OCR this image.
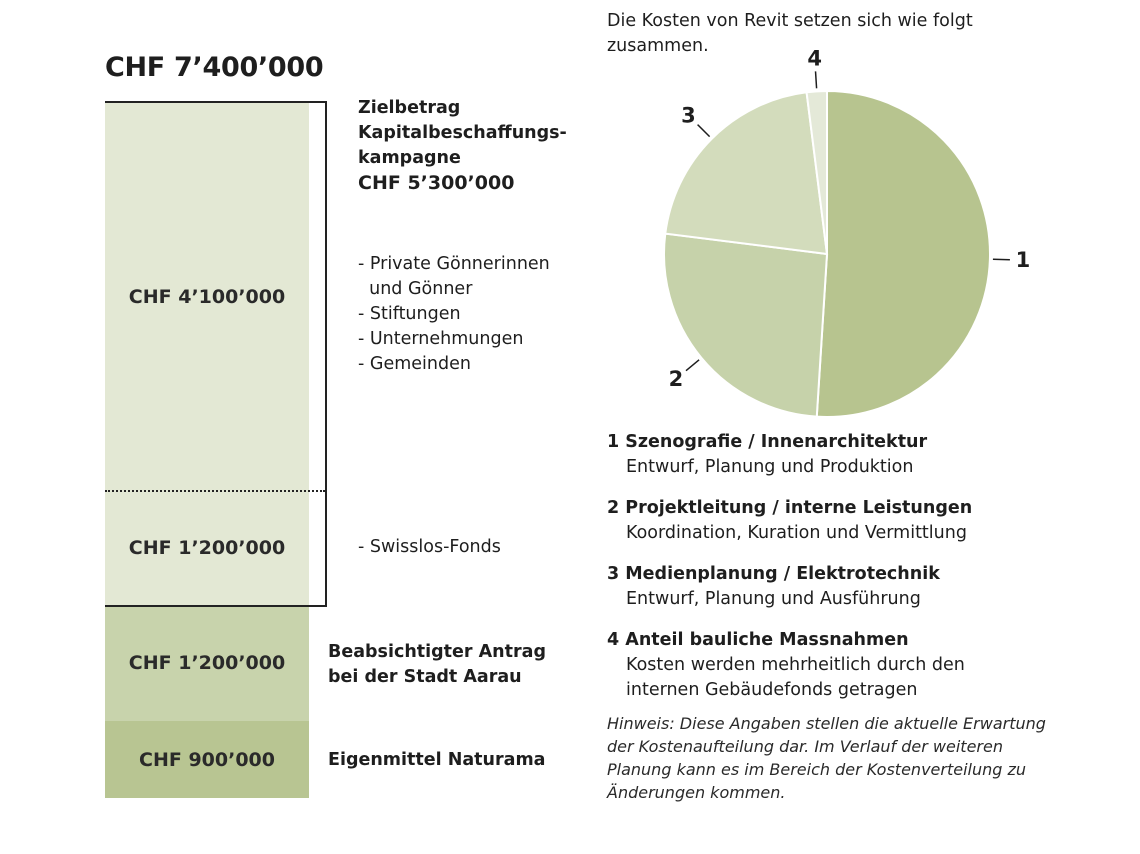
CHF 7’400’000
CHF 4’100’000
CHF 1’200’000
CHF 1’200’000
CHF 900’000
Zielbetrag
Kapitalbeschaffungs-
kampagne
CHF 5’300’000
- Private Gönnerinnen
und Gönner
- Stiftungen
- Unternehmungen
- Gemeinden
- Swisslos-Fonds
Beabsichtigter Antrag
bei der Stadt Aarau
Eigenmittel Naturama
Die Kosten von Revit setzen sich wie folgt zusammen.
1
2
3
4
1 Szenografie / Innenarchitektur
Entwurf, Planung und Produktion
2 Projektleitung / interne Leistungen
Koordination, Kuration und Vermittlung
3 Medienplanung / Elektrotechnik
Entwurf, Planung und Ausführung
4 Anteil bauliche Massnahmen
Kosten werden mehrheitlich durch den
internen Gebäudefonds getragen
Hinweis: Diese Angaben stellen die aktuelle Erwartung der Kostenaufteilung dar. Im Verlauf der weiteren Planung kann es im Bereich der Kostenverteilung zu Änderungen kommen.
